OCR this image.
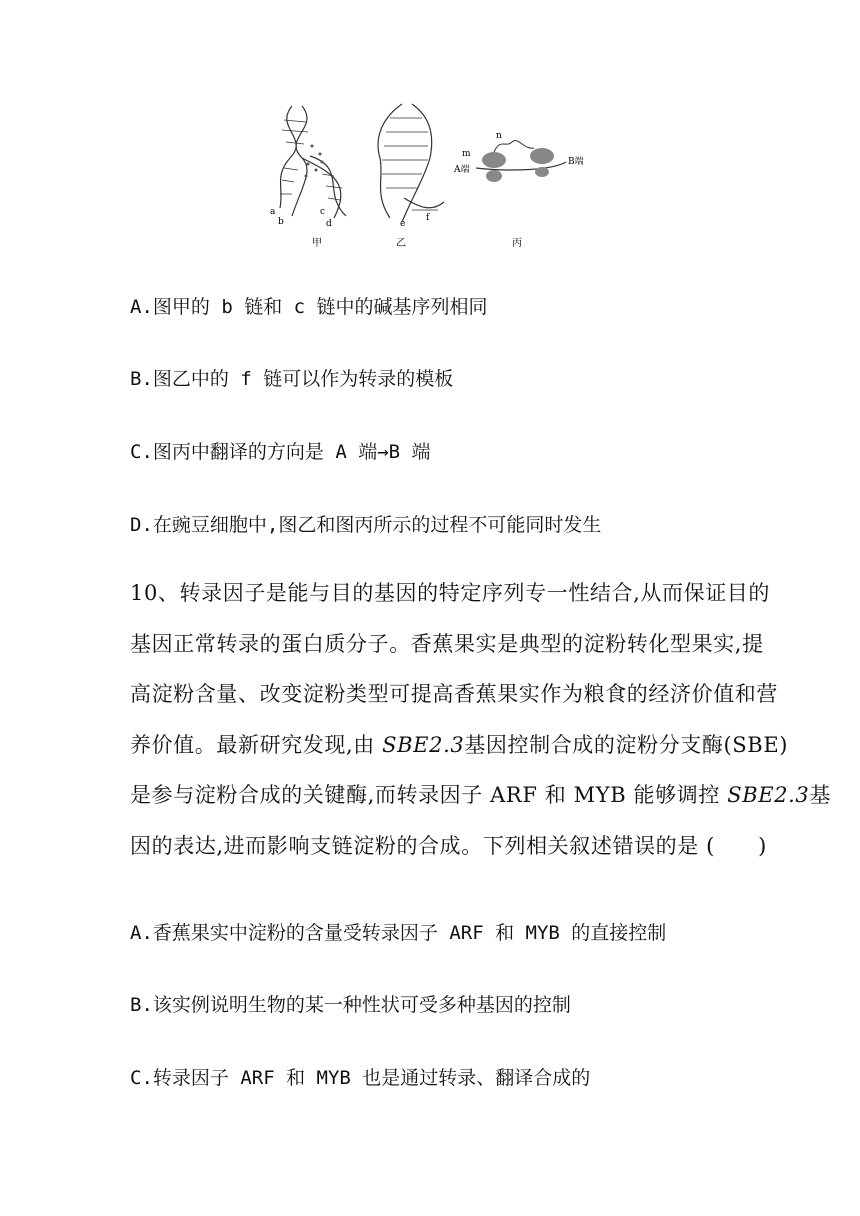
a
b
c
d
甲
e
f
乙
m
n
A端
B端
丙
A.图甲的 b 链和 c 链中的碱基序列相同
B.图乙中的 f 链可以作为转录的模板
C.图丙中翻译的方向是 A 端→B 端
D.在豌豆细胞中,图乙和图丙所示的过程不可能同时发生

10、转录因子是能与目的基因的特定序列专一性结合,从而保证目的

基因正常转录的蛋白质分子。香蕉果实是典型的淀粉转化型果实,提

高淀粉含量、改变淀粉类型可提高香蕉果实作为粮食的经济价值和营

养价值。最新研究发现,由 SBE2.3基因控制合成的淀粉分支酶(SBE)

是参与淀粉合成的关键酶,而转录因子 ARF 和 MYB 能够调控 SBE2.3基

因的表达,进而影响支链淀粉的合成。下列相关叙述错误的是 (　　)

A.香蕉果实中淀粉的含量受转录因子 ARF 和 MYB 的直接控制
B.该实例说明生物的某一种性状可受多种基因的控制
C.转录因子 ARF 和 MYB 也是通过转录、翻译合成的
